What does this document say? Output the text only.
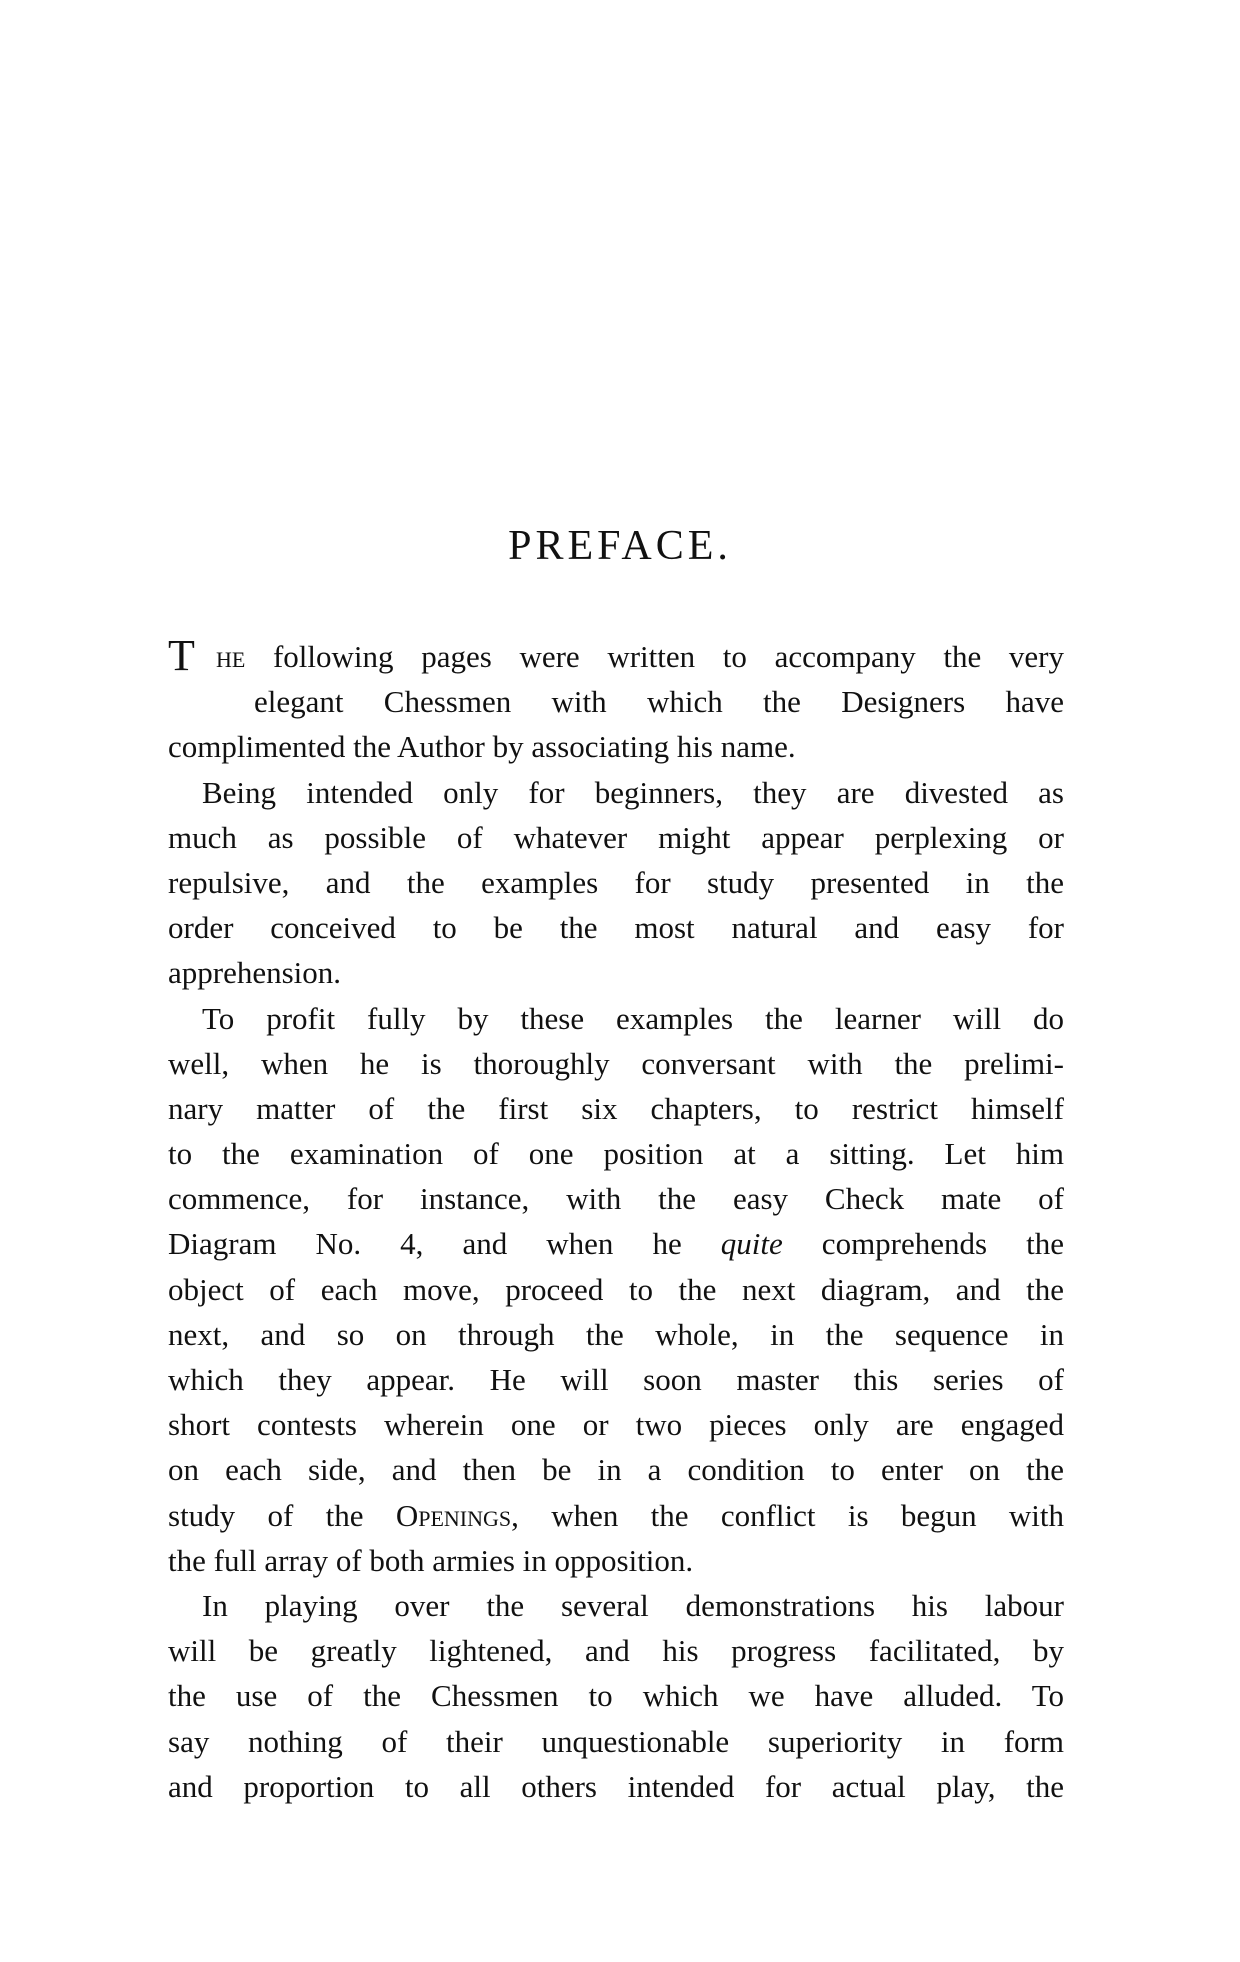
PREFACE.
T he following pages were written to accompany the very
elegant Chessmen with which the Designers have
complimented the Author by associating his name.
Being intended only for beginners, they are divested as
much as possible of whatever might appear perplexing or
repulsive, and the examples for study presented in the
order conceived to be the most natural and easy for
apprehension.
To profit fully by these examples the learner will do
well, when he is thoroughly conversant with the prelimi-
nary matter of the first six chapters, to restrict himself
to the examination of one position at a sitting. Let him
commence, for instance, with the easy Check mate of
Diagram No. 4, and when he quite comprehends the
object of each move, proceed to the next diagram, and the
next, and so on through the whole, in the sequence in
which they appear. He will soon master this series of
short contests wherein one or two pieces only are engaged
on each side, and then be in a condition to enter on the
study of the Openings, when the conflict is begun with
the full array of both armies in opposition.
In playing over the several demonstrations his labour
will be greatly lightened, and his progress facilitated, by
the use of the Chessmen to which we have alluded. To
say nothing of their unquestionable superiority in form
and proportion to all others intended for actual play, the
